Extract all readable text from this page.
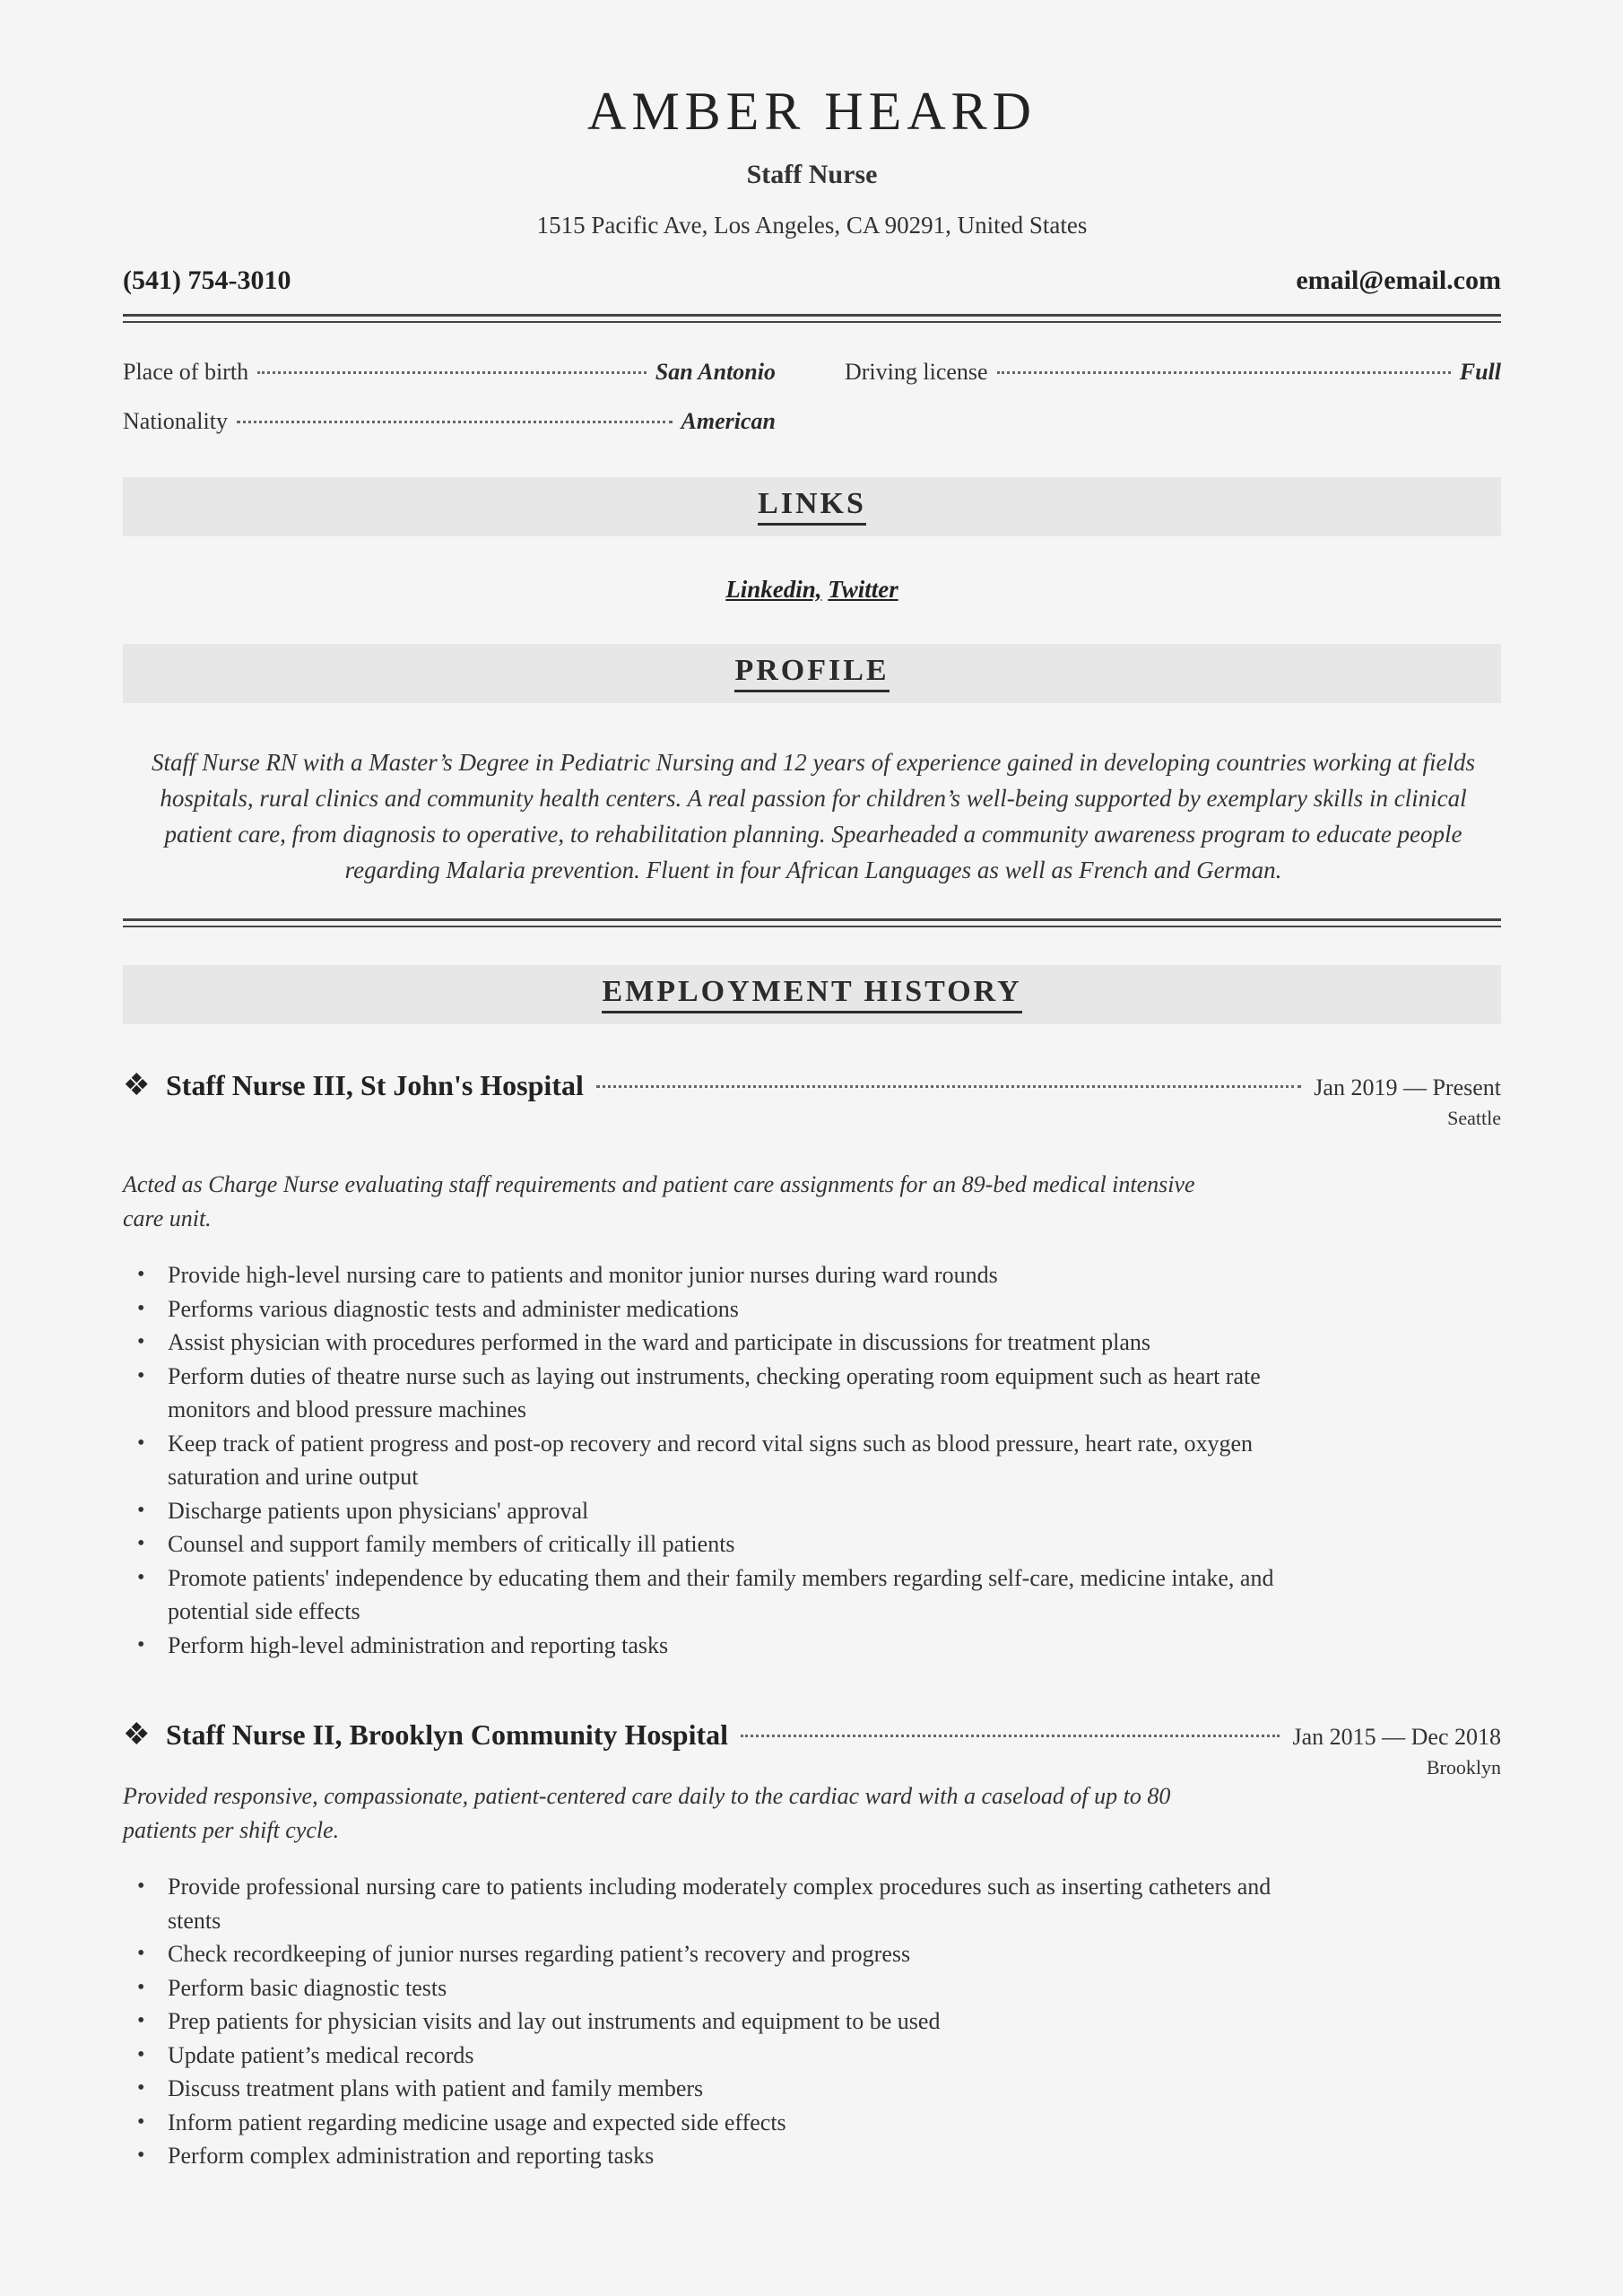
AMBER HEARD
Staff Nurse
1515 Pacific Ave, Los Angeles, CA 90291, United States
(541) 754-3010	email@email.com
Place of birth	San Antonio	Driving license	Full
Nationality	American
LINKS
Linkedin, Twitter
PROFILE
Staff Nurse RN with a Master’s Degree in Pediatric Nursing and 12 years of experience gained in developing countries working at fields hospitals, rural clinics and community health centers. A real passion for children’s well-being supported by exemplary skills in clinical patient care, from diagnosis to operative, to rehabilitation planning. Spearheaded a community awareness program to educate people regarding Malaria prevention. Fluent in four African Languages as well as French and German.
EMPLOYMENT HISTORY
❖ Staff Nurse III, St John's Hospital	Jan 2019 — Present
Seattle
Acted as Charge Nurse evaluating staff requirements and patient care assignments for an 89-bed medical intensive care unit.
• Provide high-level nursing care to patients and monitor junior nurses during ward rounds
• Performs various diagnostic tests and administer medications
• Assist physician with procedures performed in the ward and participate in discussions for treatment plans
• Perform duties of theatre nurse such as laying out instruments, checking operating room equipment such as heart rate monitors and blood pressure machines
• Keep track of patient progress and post-op recovery and record vital signs such as blood pressure, heart rate, oxygen saturation and urine output
• Discharge patients upon physicians' approval
• Counsel and support family members of critically ill patients
• Promote patients' independence by educating them and their family members regarding self-care, medicine intake, and potential side effects
• Perform high-level administration and reporting tasks
❖ Staff Nurse II, Brooklyn Community Hospital	Jan 2015 — Dec 2018
Brooklyn
Provided responsive, compassionate, patient-centered care daily to the cardiac ward with a caseload of up to 80 patients per shift cycle.
• Provide professional nursing care to patients including moderately complex procedures such as inserting catheters and stents
• Check recordkeeping of junior nurses regarding patient’s recovery and progress
• Perform basic diagnostic tests
• Prep patients for physician visits and lay out instruments and equipment to be used
• Update patient’s medical records
• Discuss treatment plans with patient and family members
• Inform patient regarding medicine usage and expected side effects
• Perform complex administration and reporting tasks
